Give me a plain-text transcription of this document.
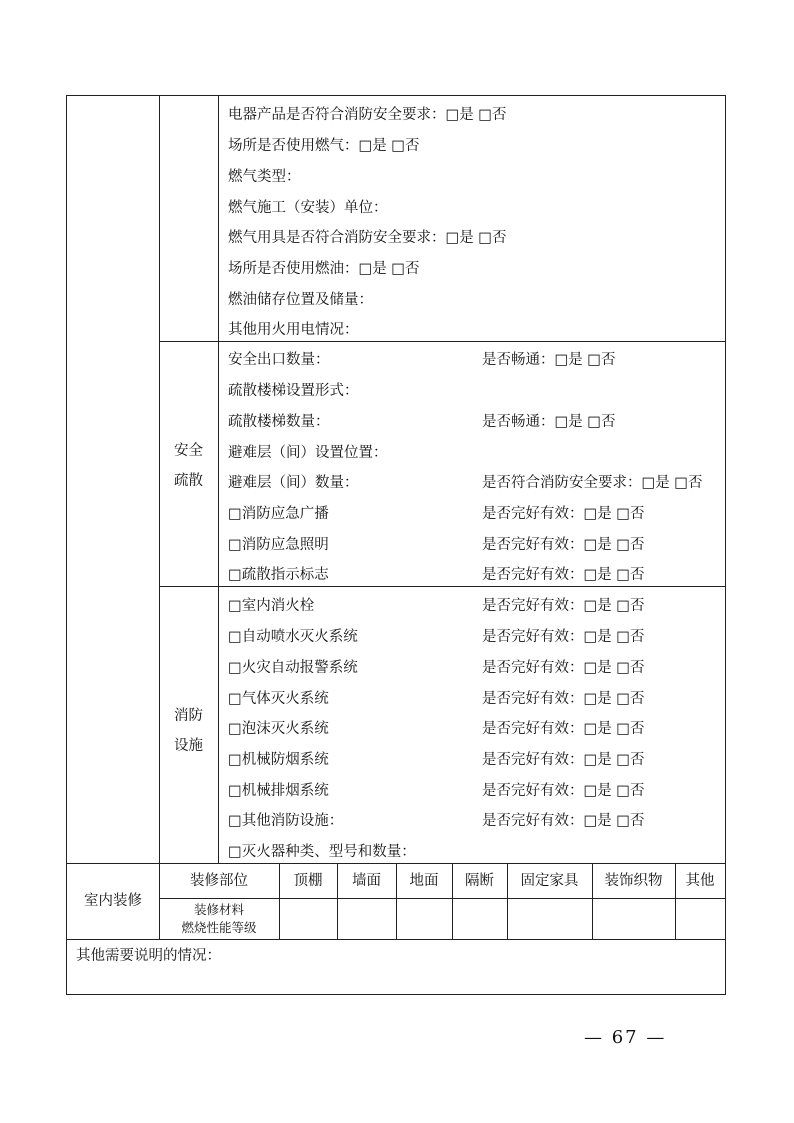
电器产品是否符合消防安全要求：□是 □否
场所是否使用燃气：□是 □否
燃气类型：
燃气施工（安装）单位：
燃气用具是否符合消防安全要求：□是 □否
场所是否使用燃油：□是 □否
燃油储存位置及储量：
其他用火用电情况：
安全
疏散
安全出口数量：	是否畅通：□是 □否
疏散楼梯设置形式：
疏散楼梯数量：	是否畅通：□是 □否
避难层（间）设置位置：
避难层（间）数量：	是否符合消防安全要求：□是 □否
□消防应急广播	是否完好有效：□是 □否
□消防应急照明	是否完好有效：□是 □否
□疏散指示标志	是否完好有效：□是 □否
消防
设施
□室内消火栓	是否完好有效：□是 □否
□自动喷水灭火系统	是否完好有效：□是 □否
□火灾自动报警系统	是否完好有效：□是 □否
□气体灭火系统	是否完好有效：□是 □否
□泡沫灭火系统	是否完好有效：□是 □否
□机械防烟系统	是否完好有效：□是 □否
□机械排烟系统	是否完好有效：□是 □否
□其他消防设施：	是否完好有效：□是 □否
□灭火器种类、型号和数量：
室内装修
装修部位	顶棚	墙面	地面	隔断	固定家具	装饰织物	其他
装修材料
燃烧性能等级
其他需要说明的情况：
— 67 —
